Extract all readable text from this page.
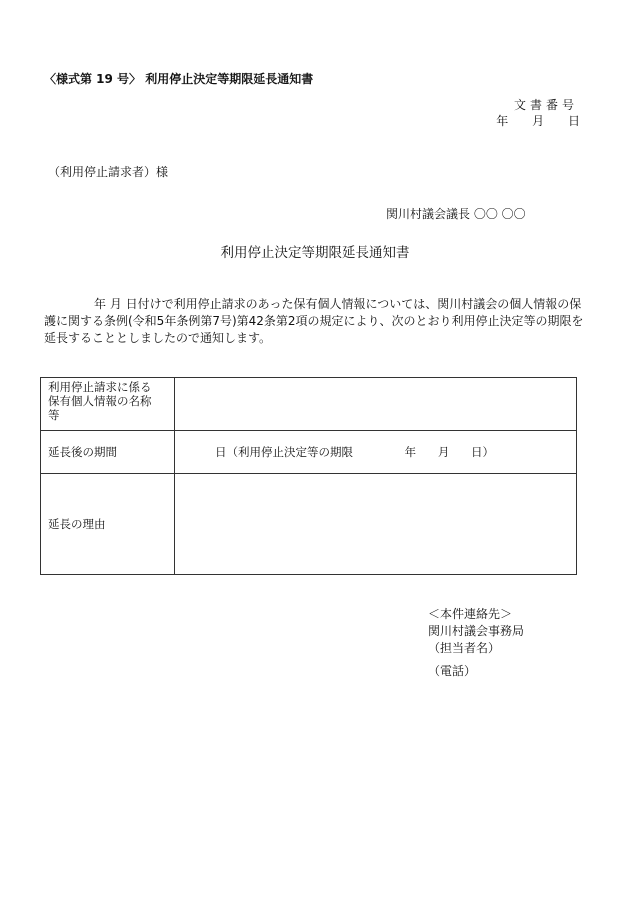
〈様式第 19 号〉 利用停止決定等期限延長通知書
文書番号
年 月 日
（利用停止請求者）様
関川村議会議長 〇〇 〇〇
利用停止決定等期限延長通知書
年 月 日付けで利用停止請求のあった保有個人情報については、関川村議会の個人情報の保
護に関する条例(令和5年条例第7号)第42条第2項の規定により、次のとおり利用停止決定等の期限を
延長することとしましたので通知します。
利用停止請求に係る
保有個人情報の名称
等	

延長後の期間	日（利用停止決定等の期限 年 月 日）
延長の理由	
＜本件連絡先＞
関川村議会事務局
（担当者名）
（電話）
